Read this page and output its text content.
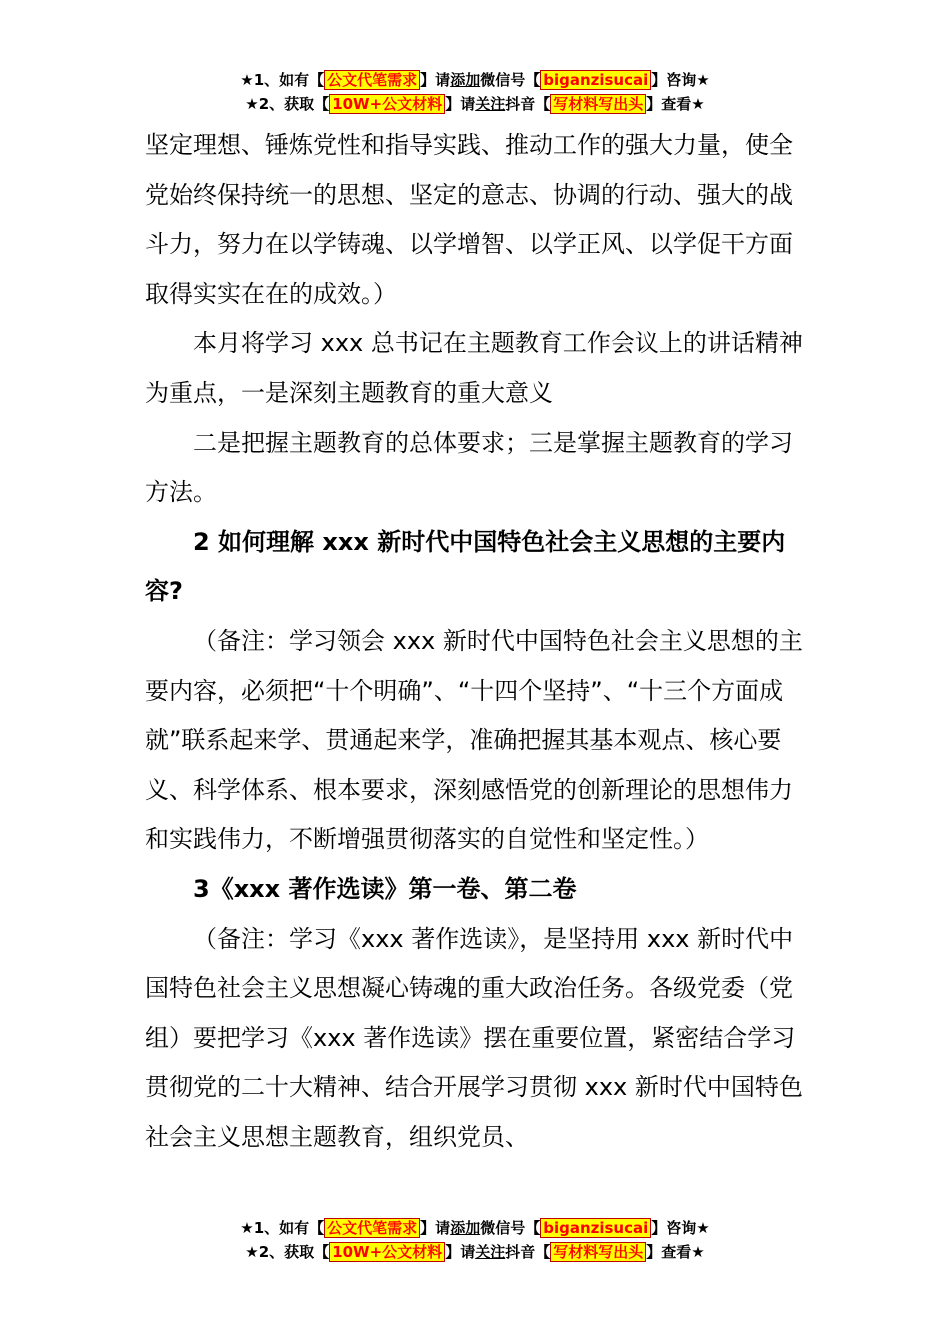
★1、如有【 公文代笔需求 】请添加微信号【 biganzisucai 】咨询★
★2、获取【 10W+公文材料 】请关注抖音【 写材料写出头 】查看★

坚定理想、锤炼党性和指导实践、推动工作的强大力量，使全党始终保持统一的思想、坚定的意志、协调的行动、强大的战斗力，努力在以学铸魂、以学增智、以学正风、以学促干方面取得实实在在的成效。）

本月将学习 xxx 总书记在主题教育工作会议上的讲话精神为重点，一是深刻主题教育的重大意义

二是把握主题教育的总体要求；三是掌握主题教育的学习方法。

2 如何理解 xxx 新时代中国特色社会主义思想的主要内容?

（备注：学习领会 xxx 新时代中国特色社会主义思想的主要内容，必须把“十个明确”、“十四个坚持”、“十三个方面成就”联系起来学、贯通起来学，准确把握其基本观点、核心要义、科学体系、根本要求，深刻感悟党的创新理论的思想伟力和实践伟力，不断增强贯彻落实的自觉性和坚定性。）

3《xxx 著作选读》第一卷、第二卷

（备注：学习《xxx 著作选读》，是坚持用 xxx 新时代中国特色社会主义思想凝心铸魂的重大政治任务。各级党委（党组）要把学习《xxx 著作选读》摆在重要位置，紧密结合学习贯彻党的二十大精神、结合开展学习贯彻 xxx 新时代中国特色社会主义思想主题教育，组织党员、

★1、如有【 公文代笔需求 】请添加微信号【 biganzisucai 】咨询★
★2、获取【 10W+公文材料 】请关注抖音【 写材料写出头 】查看★
